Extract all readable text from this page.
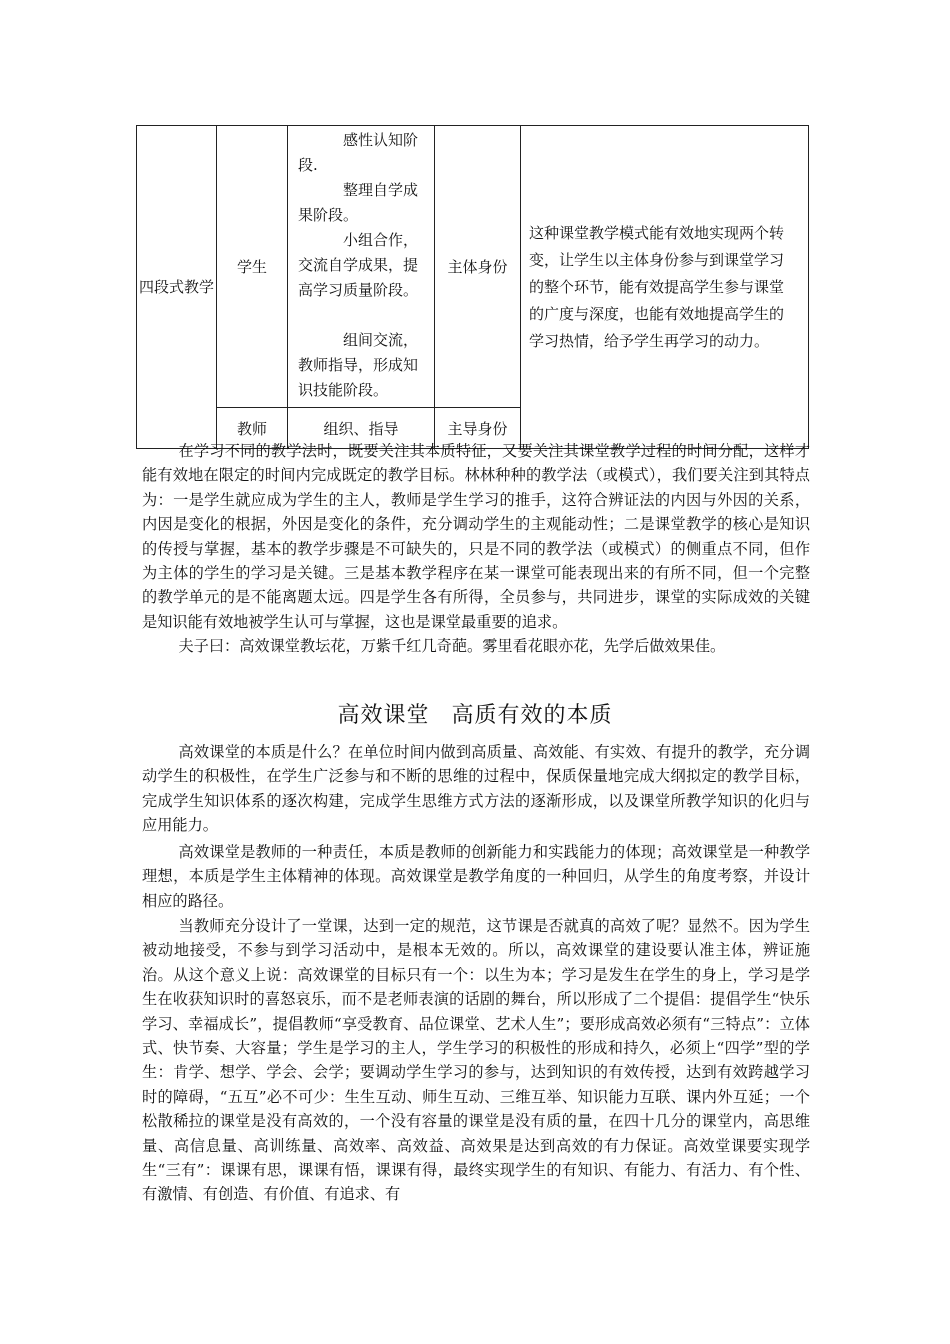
四段式教学	学生	感性认知阶段.
整理自学成果阶段。
小组合作，交流自学成果，提高学习质量阶段。
组间交流，教师指导，形成知识技能阶段。	主体身份	这种课堂教学模式能有效地实现两个转变，让学生以主体身份参与到课堂学习的整个环节，能有效提高学生参与课堂的广度与深度，也能有效地提高学生的学习热情，给予学生再学习的动力。

	教师	组织、指导	主导身份	

在学习不同的教学法时，既要关注其本质特征，又要关注其课堂教学过程的时间分配，这样才能有效地在限定的时间内完成既定的教学目标。林林种种的教学法（或模式），我们要关注到其特点为：一是学生就应成为学生的主人，教师是学生学习的推手，这符合辨证法的内因与外因的关系，内因是变化的根据，外因是变化的条件，充分调动学生的主观能动性；二是课堂教学的核心是知识的传授与掌握，基本的教学步骤是不可缺失的，只是不同的教学法（或模式）的侧重点不同，但作为主体的学生的学习是关键。三是基本教学程序在某一课堂可能表现出来的有所不同，但一个完整的教学单元的是不能离题太远。四是学生各有所得，全员参与，共同进步，课堂的实际成效的关键是知识能有效地被学生认可与掌握，这也是课堂最重要的追求。

夫子曰：高效课堂教坛花，万紫千红几奇葩。雾里看花眼亦花，先学后做效果佳。

高效课堂 高质有效的本质

高效课堂的本质是什么？在单位时间内做到高质量、高效能、有实效、有提升的教学，充分调动学生的积极性，在学生广泛参与和不断的思维的过程中，保质保量地完成大纲拟定的教学目标，完成学生知识体系的逐次构建，完成学生思维方式方法的逐渐形成，以及课堂所教学知识的化归与应用能力。

高效课堂是教师的一种责任，本质是教师的创新能力和实践能力的体现；高效课堂是一种教学理想，本质是学生主体精神的体现。高效课堂是教学角度的一种回归，从学生的角度考察，并设计相应的路径。

当教师充分设计了一堂课，达到一定的规范，这节课是否就真的高效了呢？显然不。因为学生被动地接受，不参与到学习活动中，是根本无效的。所以，高效课堂的建设要认准主体，辨证施治。从这个意义上说：高效课堂的目标只有一个：以生为本；学习是发生在学生的身上，学习是学生在收获知识时的喜怒哀乐，而不是老师表演的话剧的舞台，所以形成了二个提倡：提倡学生“快乐学习、幸福成长”，提倡教师“享受教育、品位课堂、艺术人生”；要形成高效必须有“三特点”：立体式、快节奏、大容量；学生是学习的主人，学生学习的积极性的形成和持久，必须上“四学”型的学生：肯学、想学、学会、会学；要调动学生学习的参与，达到知识的有效传授，达到有效跨越学习时的障碍，“五互”必不可少：生生互动、师生互动、三维互举、知识能力互联、课内外互延；一个松散稀拉的课堂是没有高效的，一个没有容量的课堂是没有质的量，在四十几分的课堂内，高思维量、高信息量、高训练量、高效率、高效益、高效果是达到高效的有力保证。高效堂课要实现学生“三有”：课课有思，课课有悟，课课有得，最终实现学生的有知识、有能力、有活力、有个性、有激情、有创造、有价值、有追求、有
